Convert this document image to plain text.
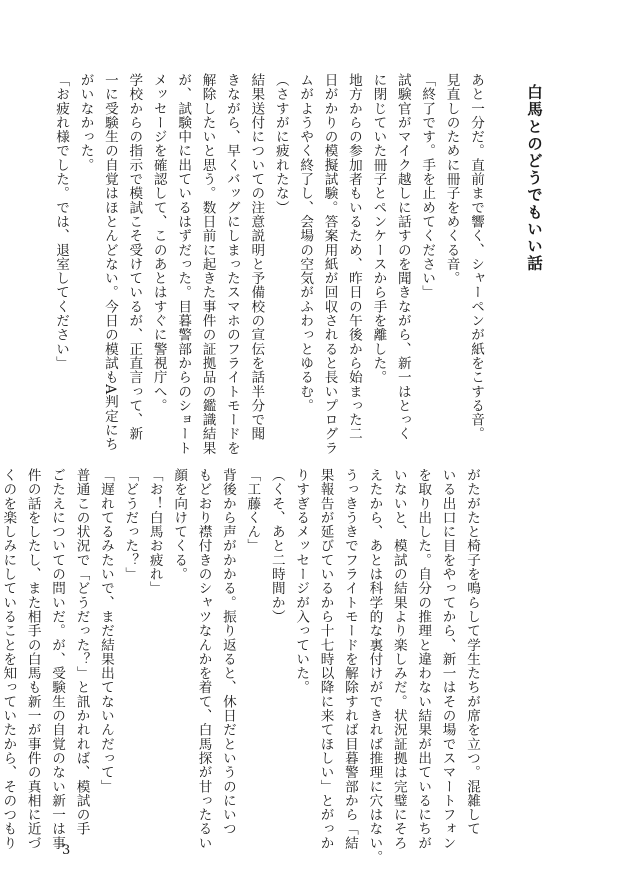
白馬とのどうでもいい話

あと一分だ。直前まで響く、シャーペンが紙をこする音。

見直しのために冊子をめくる音。

「終了です。手を止めてください」

試験官がマイク越しに話すのを聞きながら、新一はとっく

に閉じていた冊子とペンケースから手を離した。

地方からの参加者もいるため、昨日の午後から始まった二

日がかりの模擬試験。答案用紙が回収されると長いプログラ

ムがようやく終了し、会場の空気がふわっとゆるむ。

（さすがに疲れたな）

結果送付についての注意説明と予備校の宣伝を話半分で聞

きながら、早くバッグにしまったスマホのフライトモードを

解除したいと思う。数日前に起きた事件の証拠品の鑑識結果

が、試験中に出ているはずだった。目暮警部からのショート

メッセージを確認して、このあとはすぐに警視庁へ。

学校からの指示で模試こそ受けているが、正直言って、新

一に受験生の自覚はほとんどない。今日の模試もA判定にち

がいなかった。

「お疲れ様でした。では、退室してください」

がたがたと椅子を鳴らして学生たちが席を立つ。混雑して

いる出口に目をやってから、新一はその場でスマートフォン

を取り出した。自分の推理と違わない結果が出ているにちが

いないと、模試の結果より楽しみだ。状況証拠は完璧にそろ

えたから、あとは科学的な裏付けができれば推理に穴はない。

うっきうきでフライトモードを解除すれば目暮警部から「結

果報告が延びているから十七時以降に来てほしい」とがっか

りすぎるメッセージが入っていた。

（くそ、あと二時間か）

「工藤くん」

背後から声がかかる。振り返ると、休日だというのにいつ

もどおり襟付きのシャツなんかを着て、白馬探が甘ったるい

顔を向けてくる。

「お！白馬お疲れ」

「どうだった？」

「遅れてるみたいで、まだ結果出てないんだって」

普通この状況で「どうだった？」と訊かれれば、模試の手

ごたえについての問いだ。が、受験生の自覚のない新一は事

件の話をしたし、また相手の白馬も新一が事件の真相に近づ

くのを楽しみにしていることを知っていたから、そのつもり

3
